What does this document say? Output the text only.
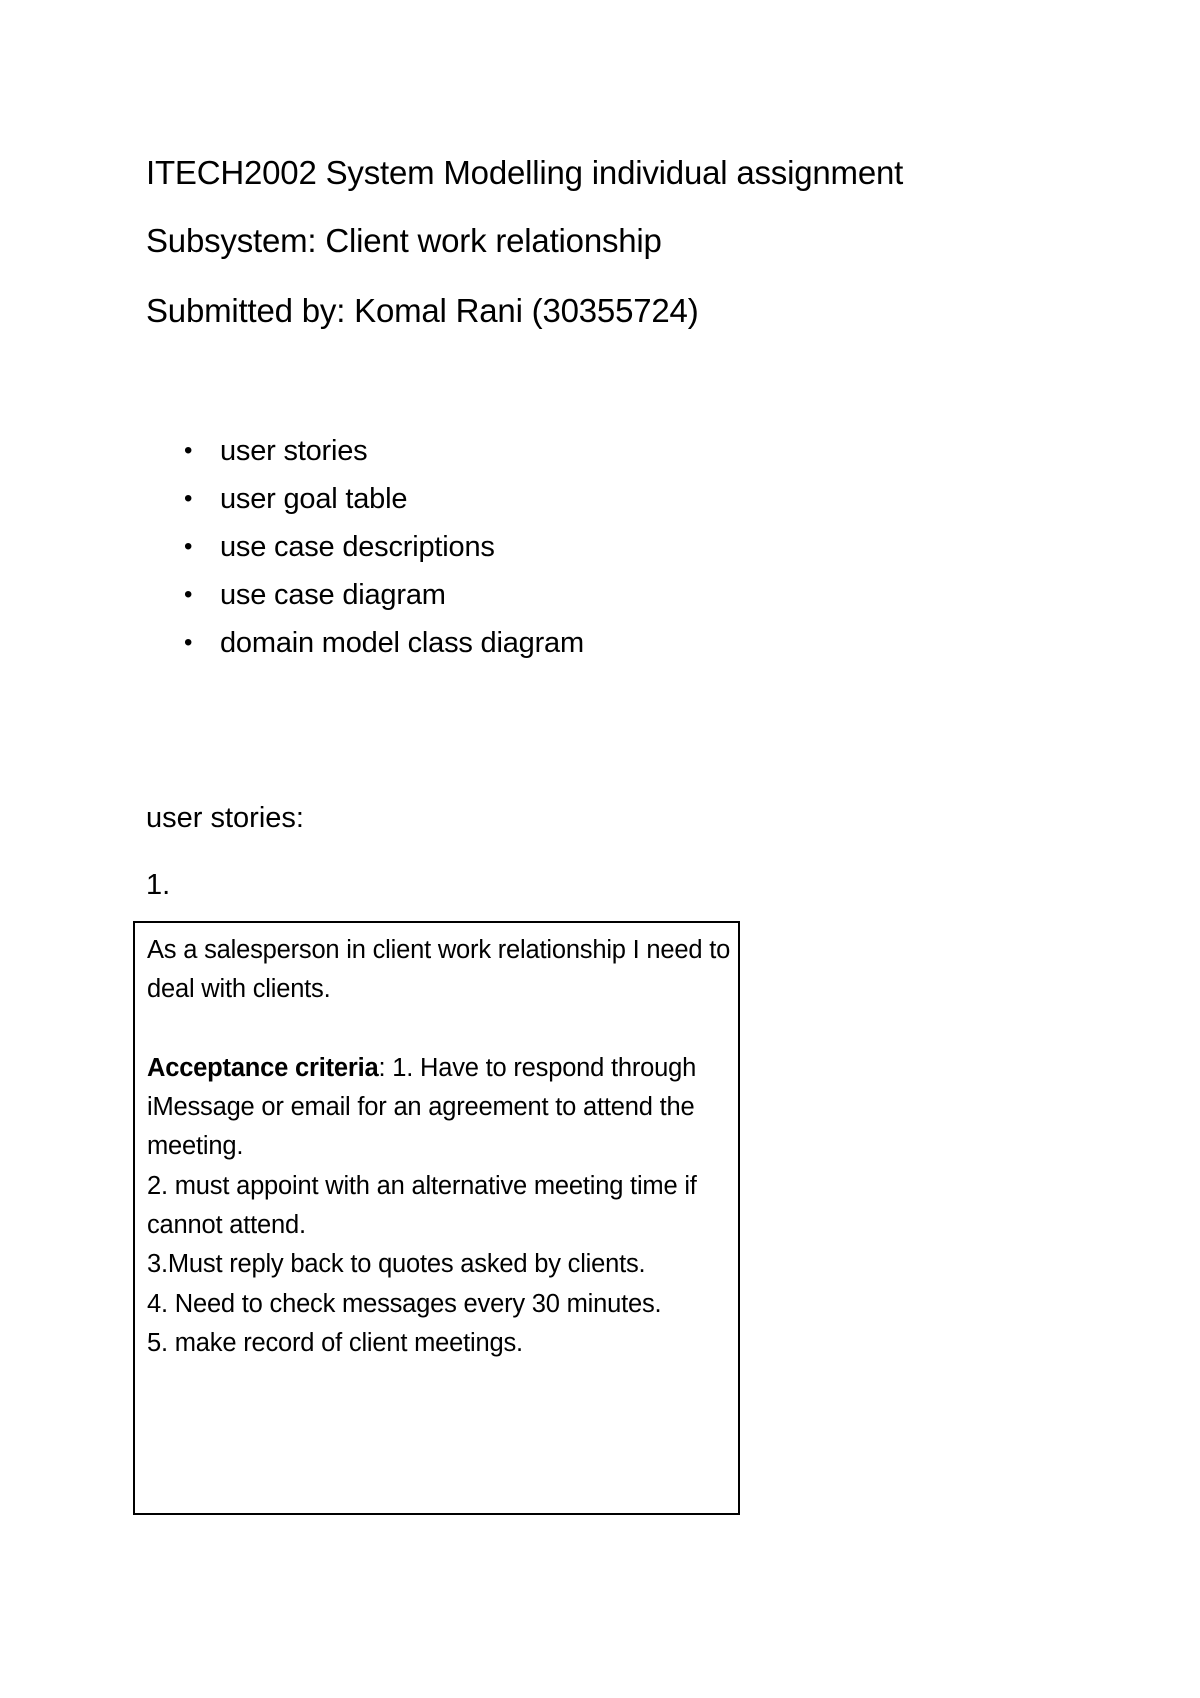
ITECH2002 System Modelling individual assignment
Subsystem: Client work relationship
Submitted by: Komal Rani (30355724)
• user stories
• user goal table
• use case descriptions
• use case diagram
• domain model class diagram
user stories:
1.

As a salesperson in client work relationship I need to deal with clients.

Acceptance criteria: 1. Have to respond through iMessage or email for an agreement to attend the meeting.

2. must appoint with an alternative meeting time if cannot attend.

3.Must reply back to quotes asked by clients.

4. Need to check messages every 30 minutes.

5. make record of client meetings.
